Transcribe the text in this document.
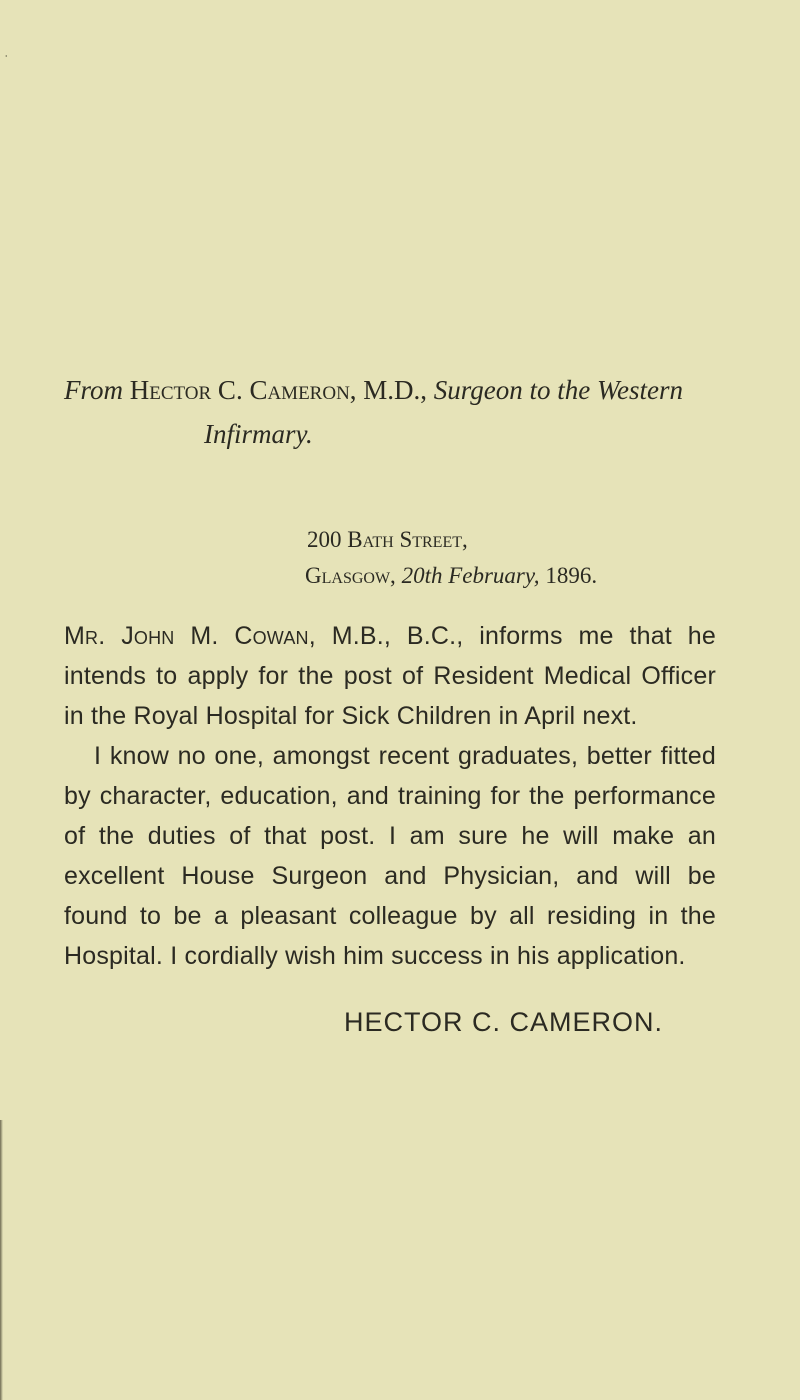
ˌ
From Hector C. Cameron, M.D., Surgeon to the Western
Infirmary.
200 Bath Street,
Glasgow, 20th February, 1896.

Mr. John M. Cowan, M.B., B.C., informs me that he intends to apply for the post of Resident Medical Officer in the Royal Hospital for Sick Children in April next.

I know no one, amongst recent graduates, better fitted by character, education, and training for the performance of the duties of that post. I am sure he will make an excellent House Surgeon and Physician, and will be found to be a pleasant colleague by all residing in the Hospital. I cordially wish him success in his application.

HECTOR C. CAMERON.
